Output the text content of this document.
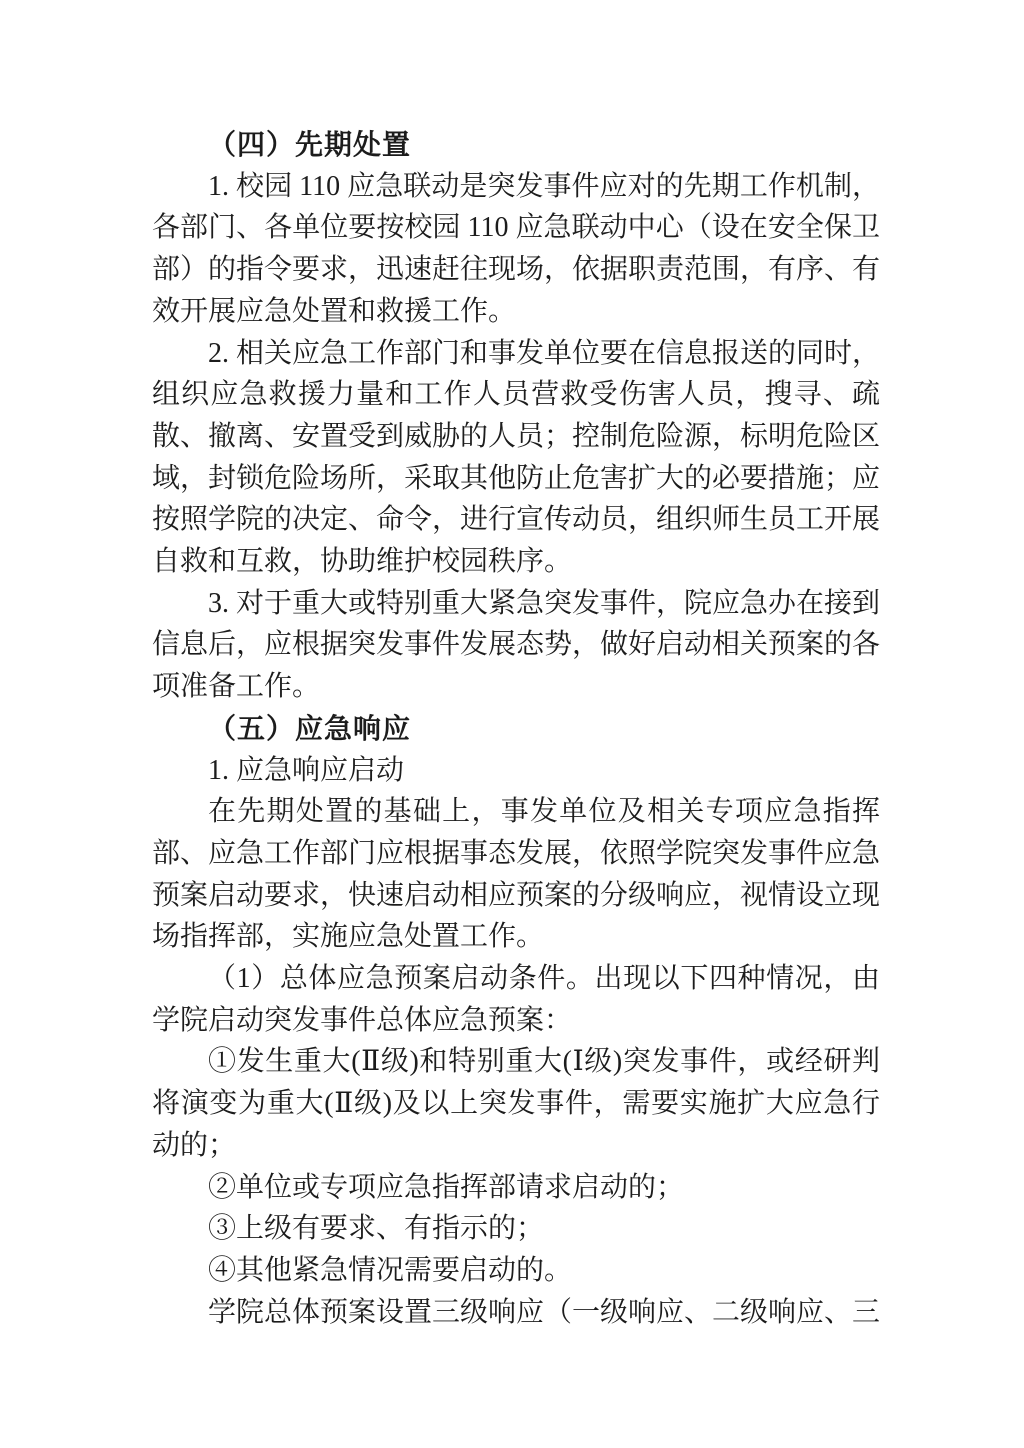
（四）先期处置

1. 校园 110 应急联动是突发事件应对的先期工作机制，各部门、各单位要按校园 110 应急联动中心（设在安全保卫部）的指令要求，迅速赶往现场，依据职责范围，有序、有效开展应急处置和救援工作。

2. 相关应急工作部门和事发单位要在信息报送的同时，组织应急救援力量和工作人员营救受伤害人员，搜寻、疏散、撤离、安置受到威胁的人员；控制危险源，标明危险区域，封锁危险场所，采取其他防止危害扩大的必要措施；应按照学院的决定、命令，进行宣传动员，组织师生员工开展自救和互救，协助维护校园秩序。

3. 对于重大或特别重大紧急突发事件，院应急办在接到信息后，应根据突发事件发展态势，做好启动相关预案的各项准备工作。

（五）应急响应

1. 应急响应启动

在先期处置的基础上，事发单位及相关专项应急指挥部、应急工作部门应根据事态发展，依照学院突发事件应急预案启动要求，快速启动相应预案的分级响应，视情设立现场指挥部，实施应急处置工作。

（1）总体应急预案启动条件。出现以下四种情况，由学院启动突发事件总体应急预案：

①发生重大(Ⅱ级)和特别重大(Ⅰ级)突发事件，或经研判将演变为重大(Ⅱ级)及以上突发事件，需要实施扩大应急行动的；

②单位或专项应急指挥部请求启动的；

③上级有要求、有指示的；

④其他紧急情况需要启动的。

学院总体预案设置三级响应（一级响应、二级响应、三
